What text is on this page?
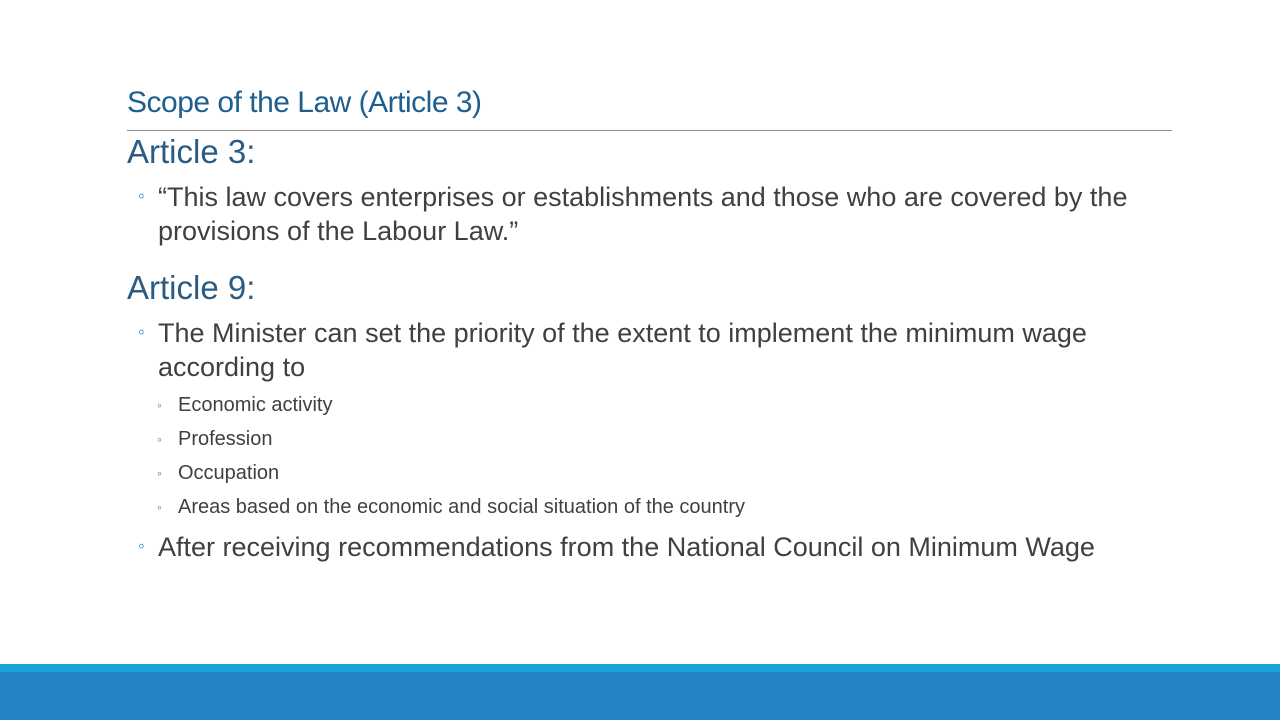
Scope of the Law (Article 3)
Article 3:
◦ “This law covers enterprises or establishments and those who are covered by the provisions of the Labour Law.”
Article 9:
◦ The Minister can set the priority of the extent to implement the minimum wage according to
◦ Economic activity
◦ Profession
◦ Occupation
◦ Areas based on the economic and social situation of the country
◦ After receiving recommendations from the National Council on Minimum Wage
